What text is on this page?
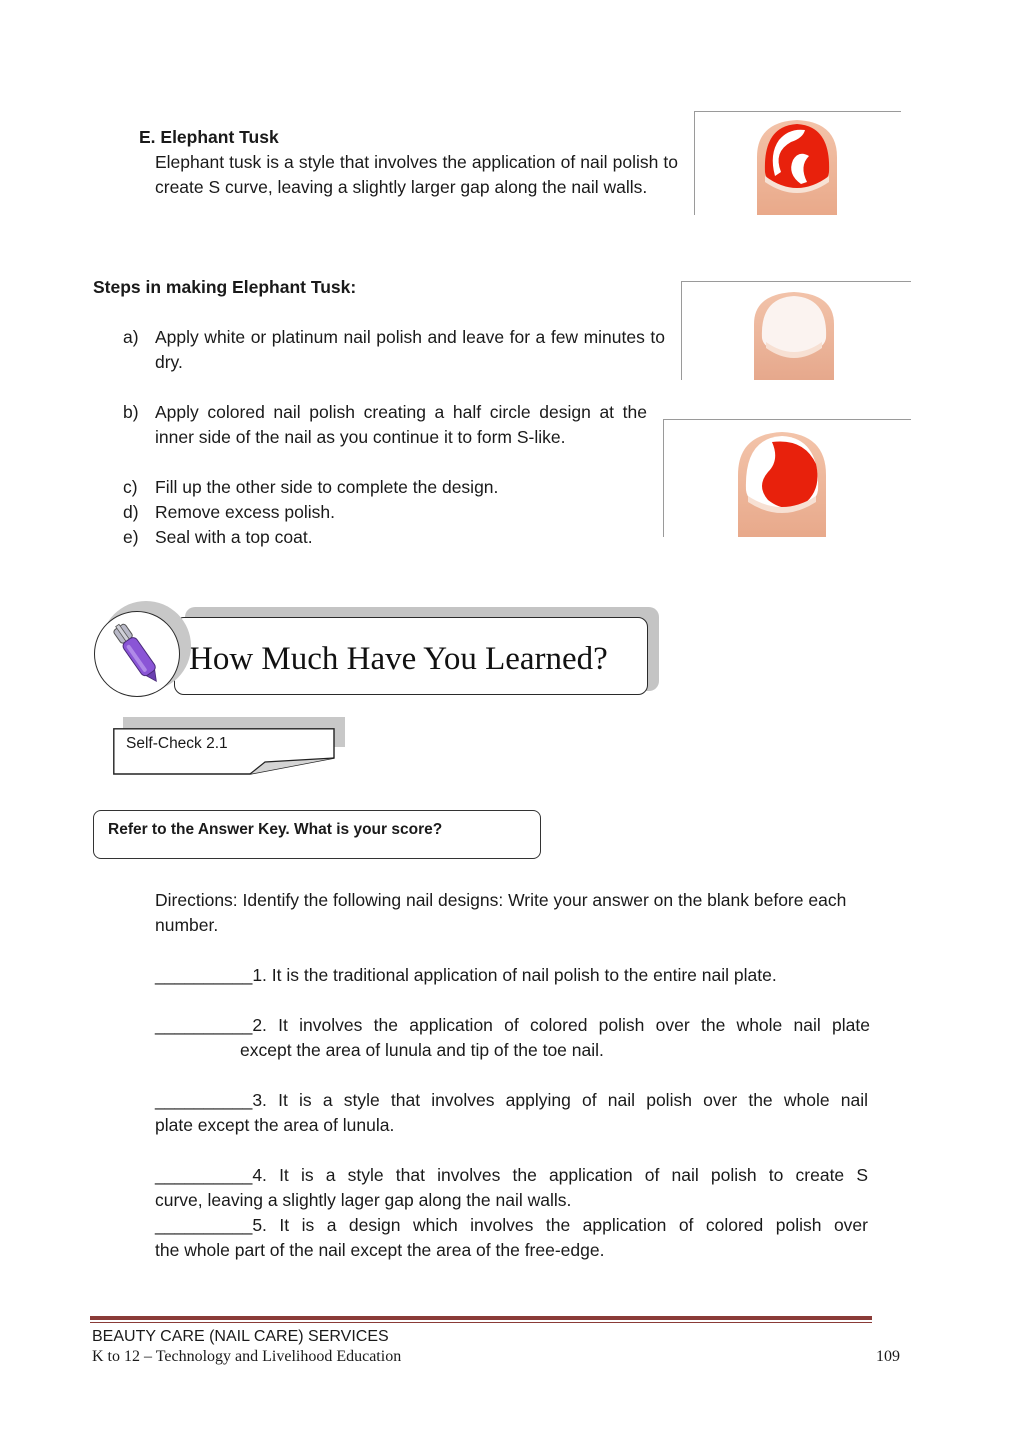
E. Elephant Tusk
Elephant tusk is a style that involves the application of nail polish to create S curve, leaving a slightly larger gap along the nail walls.
Steps in making Elephant Tusk:
a) Apply white or platinum nail polish and leave for a few minutes to dry.
b) Apply colored nail polish creating a half circle design at the inner side of the nail as you continue it to form S-like.
c) Fill up the other side to complete the design.
d) Remove excess polish.
e) Seal with a top coat.
How Much Have You Learned?
Self-Check 2.1
Refer to the Answer Key. What is your score?
Directions: Identify the following nail designs: Write your answer on the blank before each number.
__________1. It is the traditional application of nail polish to the entire nail plate.
__________2. It involves the application of colored polish over the whole nail plate
except the area of lunula and tip of the toe nail.
__________3. It is a style that involves applying of nail polish over the whole nail
plate except the area of lunula.
__________4. It is a style that involves the application of nail polish to create S
curve, leaving a slightly lager gap along the nail walls.
__________5. It is a design which involves the application of colored polish over
the whole part of the nail except the area of the free-edge.
BEAUTY CARE (NAIL CARE) SERVICES
K to 12 – Technology and Livelihood Education	109
